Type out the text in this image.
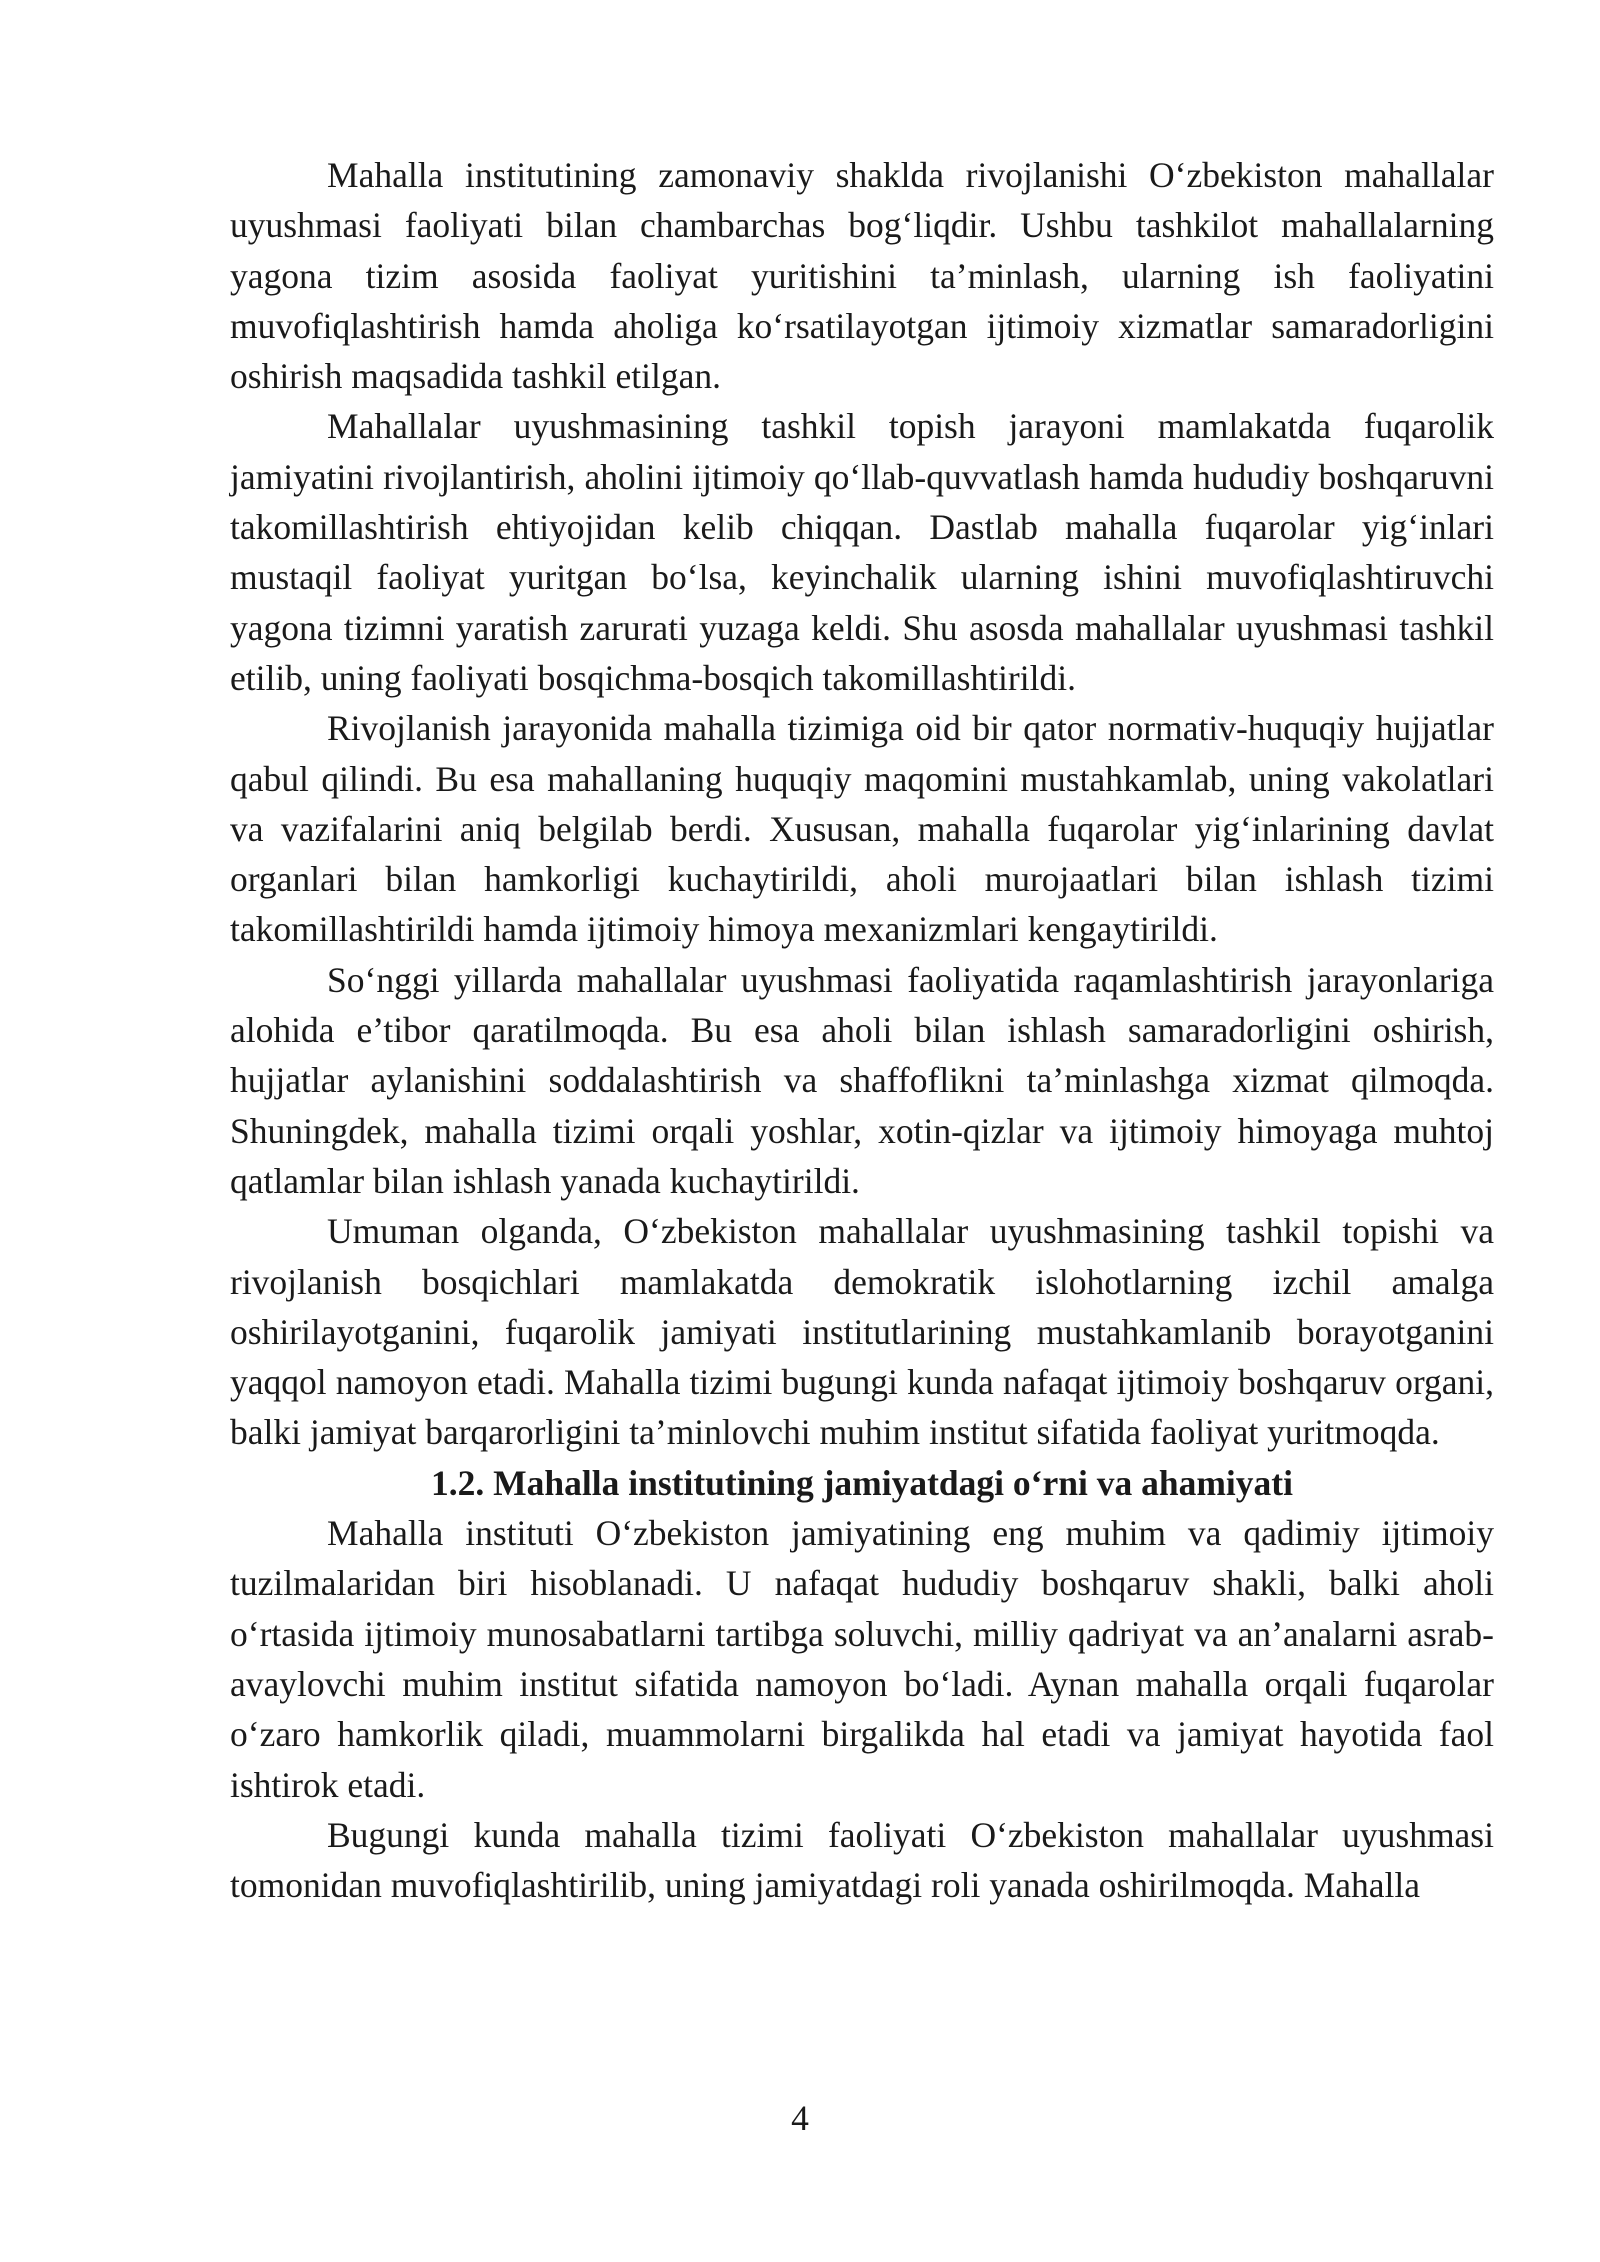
Mahalla institutining zamonaviy shaklda rivojlanishi O‘zbekiston mahallalar uyushmasi faoliyati bilan chambarchas bog‘liqdir. Ushbu tashkilot mahallalarning yagona tizim asosida faoliyat yuritishini ta’minlash, ularning ish faoliyatini muvofiqlashtirish hamda aholiga ko‘rsatilayotgan ijtimoiy xizmatlar samaradorligini oshirish maqsadida tashkil etilgan.

Mahallalar uyushmasining tashkil topish jarayoni mamlakatda fuqarolik jamiyatini rivojlantirish, aholini ijtimoiy qo‘llab-quvvatlash hamda hududiy boshqaruvni takomillashtirish ehtiyojidan kelib chiqqan. Dastlab mahalla fuqarolar yig‘inlari mustaqil faoliyat yuritgan bo‘lsa, keyinchalik ularning ishini muvofiqlashtiruvchi yagona tizimni yaratish zarurati yuzaga keldi. Shu asosda mahallalar uyushmasi tashkil etilib, uning faoliyati bosqichma-bosqich takomillashtirildi.

Rivojlanish jarayonida mahalla tizimiga oid bir qator normativ-huquqiy hujjatlar qabul qilindi. Bu esa mahallaning huquqiy maqomini mustahkamlab, uning vakolatlari va vazifalarini aniq belgilab berdi. Xususan, mahalla fuqarolar yig‘inlarining davlat organlari bilan hamkorligi kuchaytirildi, aholi murojaatlari bilan ishlash tizimi takomillashtirildi hamda ijtimoiy himoya mexanizmlari kengaytirildi.

So‘nggi yillarda mahallalar uyushmasi faoliyatida raqamlashtirish jarayonlariga alohida e’tibor qaratilmoqda. Bu esa aholi bilan ishlash samaradorligini oshirish, hujjatlar aylanishini soddalashtirish va shaffoflikni ta’minlashga xizmat qilmoqda. Shuningdek, mahalla tizimi orqali yoshlar, xotin-qizlar va ijtimoiy himoyaga muhtoj qatlamlar bilan ishlash yanada kuchaytirildi.

Umuman olganda, O‘zbekiston mahallalar uyushmasining tashkil topishi va rivojlanish bosqichlari mamlakatda demokratik islohotlarning izchil amalga oshirilayotganini, fuqarolik jamiyati institutlarining mustahkamlanib borayotganini yaqqol namoyon etadi. Mahalla tizimi bugungi kunda nafaqat ijtimoiy boshqaruv organi, balki jamiyat barqarorligini ta’minlovchi muhim institut sifatida faoliyat yuritmoqda.

1.2. Mahalla institutining jamiyatdagi o‘rni va ahamiyati

Mahalla instituti O‘zbekiston jamiyatining eng muhim va qadimiy ijtimoiy tuzilmalaridan biri hisoblanadi. U nafaqat hududiy boshqaruv shakli, balki aholi o‘rtasida ijtimoiy munosabatlarni tartibga soluvchi, milliy qadriyat va an’analarni asrab-avaylovchi muhim institut sifatida namoyon bo‘ladi. Aynan mahalla orqali fuqarolar o‘zaro hamkorlik qiladi, muammolarni birgalikda hal etadi va jamiyat hayotida faol ishtirok etadi.

Bugungi kunda mahalla tizimi faoliyati O‘zbekiston mahallalar uyushmasi tomonidan muvofiqlashtirilib, uning jamiyatdagi roli yanada oshirilmoqda. Mahalla

4
